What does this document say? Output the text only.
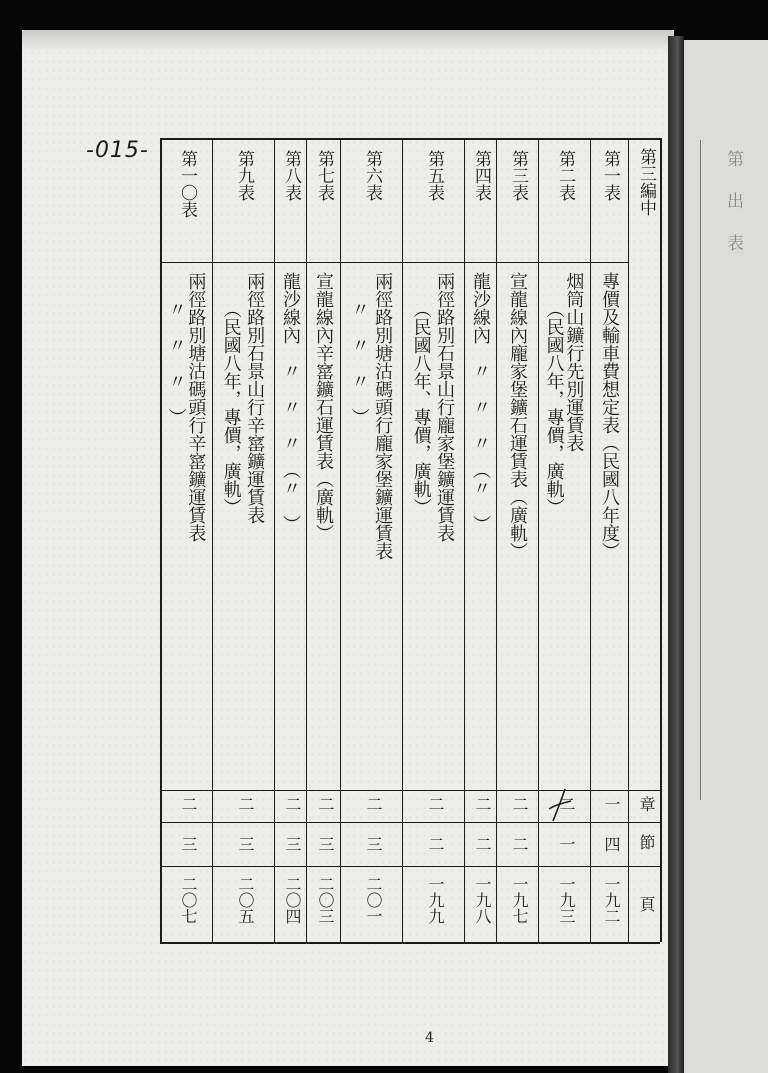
-015-
4
第三編中
章
節
頁
第一表
專價及輸車費想定表（民國八年度）
一
四
一九二
第二表
烟筒山鑛行先別運賃表
（民國八年，專價，廣軌）
二
一
一九三
第三表
宣龍線內龐家堡鑛石運賃表（廣軌）
二
二
一九七
第四表
龍沙線內　〃　〃　〃　（〃　）
二
二
一九八
第五表
兩徑路別石景山行龐家堡鑛運賃表
（民國八年、專價，廣軌）
二
二
一九九
第六表
兩徑路別塘沽碼頭行龐家堡鑛運賃表
〃　〃　〃　）
二
三
二〇一
第七表
宣龍線內辛窰鑛石運賃表（廣軌）
二
三
二〇三
第八表
龍沙線內　〃　〃　〃　（〃　）
二
三
二〇四
第九表
兩徑路別石景山行辛窰鑛運賃表
（民國八年，專價，廣軌）
二
三
二〇五
第一〇表
兩徑路別塘沽碼頭行辛窰鑛運賃表
〃　〃　〃　）
二
三
二〇七
第
出
表
